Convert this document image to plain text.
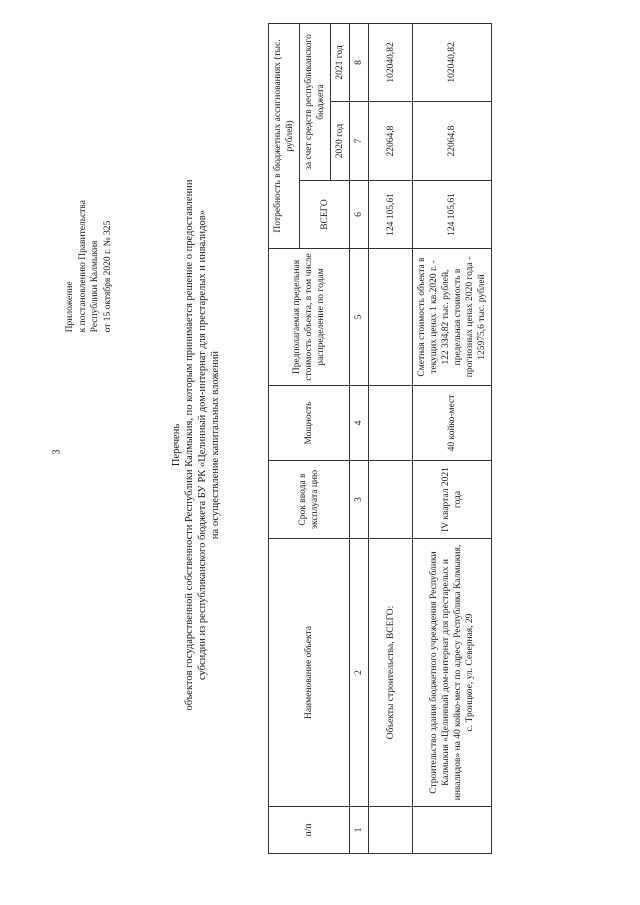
3
Приложение к постановлению Правительства Республики Калмыкия от 15 октября 2020 г. № 325
Перечень объектов государственной собственности Республики Калмыкия, по которым принимается решение о предоставлении субсидии из республиканского бюджета БУ РК «Целинный дом-интернат для престарелых и инвалидов» на осуществление капитальных вложений
п/п	Наименование объекта	Срок вводa в эксплуата цию	Мощность	Предполагаемая предельная стоимость объекта, в том числе распределение по годам	Потребность в бюджетных ассигнованиях (тыс. рублей)		
					ВСЕГО	за счет средств республиканского бюджета	
						2020 год	2021 год
1	2	3	4	5	6	7	8
	Объекты строительства, ВСЕГО:				124 105,61	22064,8	102040,82
	Строительство здания бюджетного учреждения Республики Калмыкия «Целинный дом-интернат для престарелых и инвалидов» на 40 койко-мест по адресу Республика Калмыкия, с. Троицкое, ул. Северная, 29	IV квартал 2021 года	40 койко-мест	Сметная стоимость объекта в текущих ценах 1 кв.2020 г. - 122 334,82 тыс. рублей, предельная стоимость в прогнозных ценах 2020 года - 125975,6 тыс. рублей	124 105,61	22064,8	102040,82
